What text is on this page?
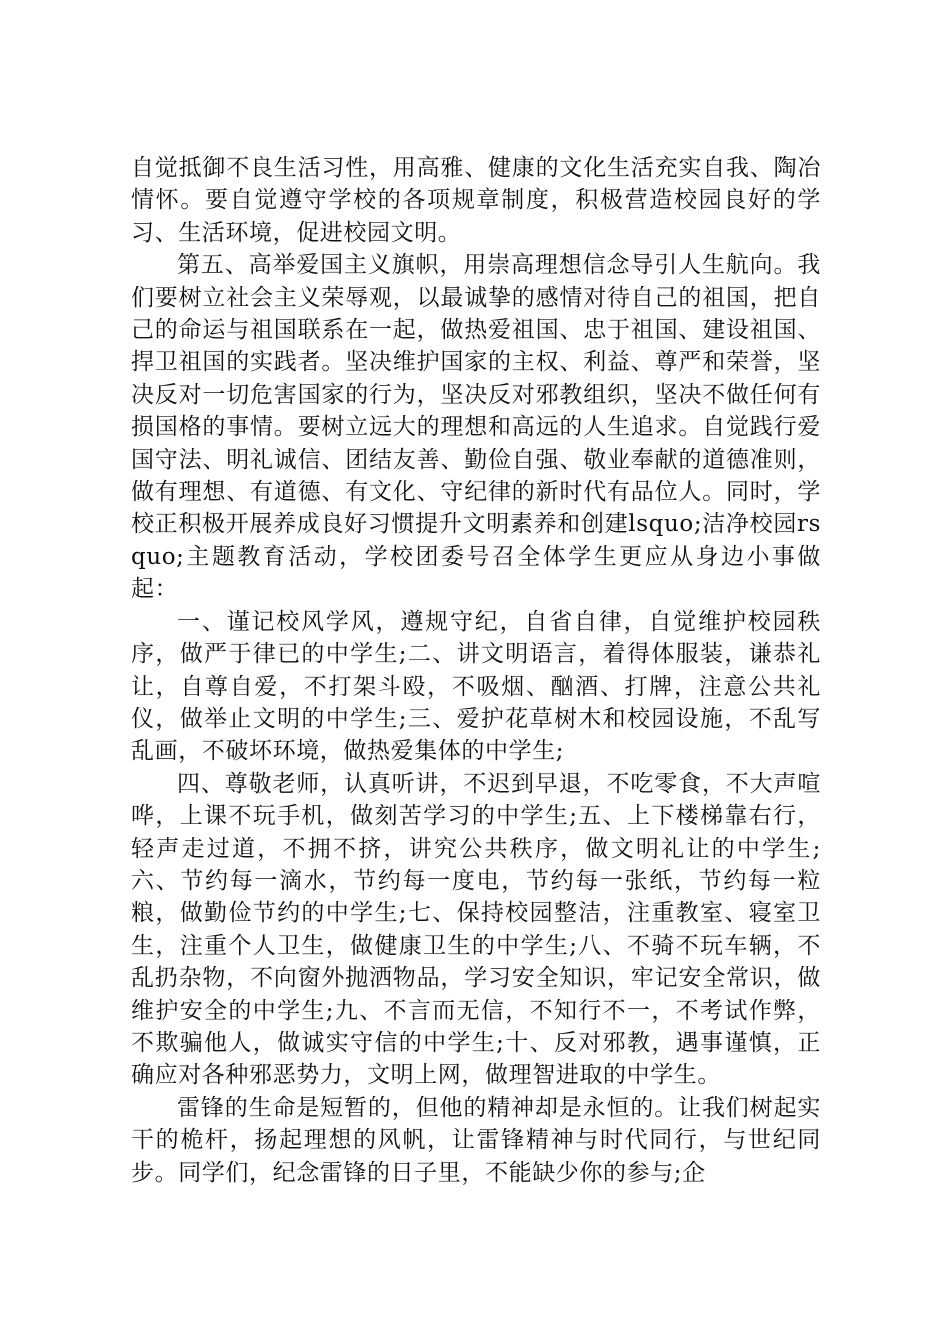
自觉抵御不良生活习性，用高雅、健康的文化生活充实自我、陶冶情怀。要自觉遵守学校的各项规章制度，积极营造校园良好的学习、生活环境，促进校园文明。

第五、高举爱国主义旗帜，用崇高理想信念导引人生航向。我们要树立社会主义荣辱观，以最诚挚的感情对待自己的祖国，把自己的命运与祖国联系在一起，做热爱祖国、忠于祖国、建设祖国、捍卫祖国的实践者。坚决维护国家的主权、利益、尊严和荣誉，坚决反对一切危害国家的行为，坚决反对邪教组织，坚决不做任何有损国格的事情。要树立远大的理想和高远的人生追求。自觉践行爱国守法、明礼诚信、团结友善、勤俭自强、敬业奉献的道德准则，做有理想、有道德、有文化、守纪律的新时代有品位人。同时，学校正积极开展养成良好习惯提升文明素养和创建lsquo;洁净校园rsquo;主题教育活动，学校团委号召全体学生更应从身边小事做起：

一、谨记校风学风，遵规守纪，自省自律，自觉维护校园秩序，做严于律已的中学生;二、讲文明语言，着得体服装，谦恭礼让，自尊自爱，不打架斗殴，不吸烟、酗酒、打牌，注意公共礼仪，做举止文明的中学生;三、爱护花草树木和校园设施，不乱写乱画，不破坏环境，做热爱集体的中学生;

四、尊敬老师，认真听讲，不迟到早退，不吃零食，不大声喧哗，上课不玩手机，做刻苦学习的中学生;五、上下楼梯靠右行，轻声走过道，不拥不挤，讲究公共秩序，做文明礼让的中学生;六、节约每一滴水，节约每一度电，节约每一张纸，节约每一粒粮，做勤俭节约的中学生;七、保持校园整洁，注重教室、寝室卫生，注重个人卫生，做健康卫生的中学生;八、不骑不玩车辆，不乱扔杂物，不向窗外抛洒物品，学习安全知识，牢记安全常识，做维护安全的中学生;九、不言而无信，不知行不一，不考试作弊，不欺骗他人，做诚实守信的中学生;十、反对邪教，遇事谨慎，正确应对各种邪恶势力，文明上网，做理智进取的中学生。

雷锋的生命是短暂的，但他的精神却是永恒的。让我们树起实干的桅杆，扬起理想的风帆，让雷锋精神与时代同行，与世纪同步。同学们，纪念雷锋的日子里，不能缺少你的参与;企
